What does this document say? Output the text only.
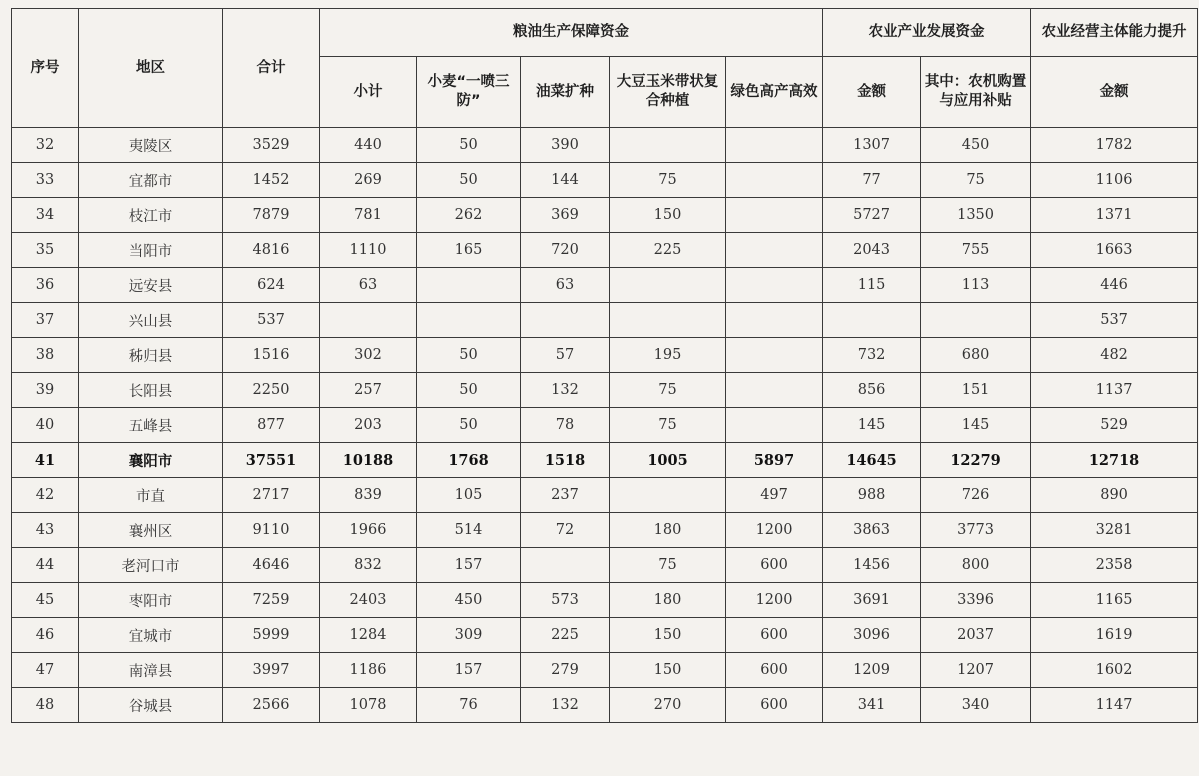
序号	地区	合计	粮油生产保障资金					农业产业发展资金		农业经营主体能力提升
			小计	小麦“一喷三防”	油菜扩种	大豆玉米带状复合种植	绿色高产高效	金额	其中：农机购置与应用补贴	金额
32	夷陵区	3529	440	50	390			1307	450	1782
33	宜都市	1452	269	50	144	75		77	75	1106
34	枝江市	7879	781	262	369	150		5727	1350	1371
35	当阳市	4816	1110	165	720	225		2043	755	1663
36	远安县	624	63		63			115	113	446
37	兴山县	537								537
38	秭归县	1516	302	50	57	195		732	680	482
39	长阳县	2250	257	50	132	75		856	151	1137
40	五峰县	877	203	50	78	75		145	145	529
41	襄阳市	37551	10188	1768	1518	1005	5897	14645	12279	12718
42	市直	2717	839	105	237		497	988	726	890
43	襄州区	9110	1966	514	72	180	1200	3863	3773	3281
44	老河口市	4646	832	157		75	600	1456	800	2358
45	枣阳市	7259	2403	450	573	180	1200	3691	3396	1165
46	宜城市	5999	1284	309	225	150	600	3096	2037	1619
47	南漳县	3997	1186	157	279	150	600	1209	1207	1602
48	谷城县	2566	1078	76	132	270	600	341	340	1147
